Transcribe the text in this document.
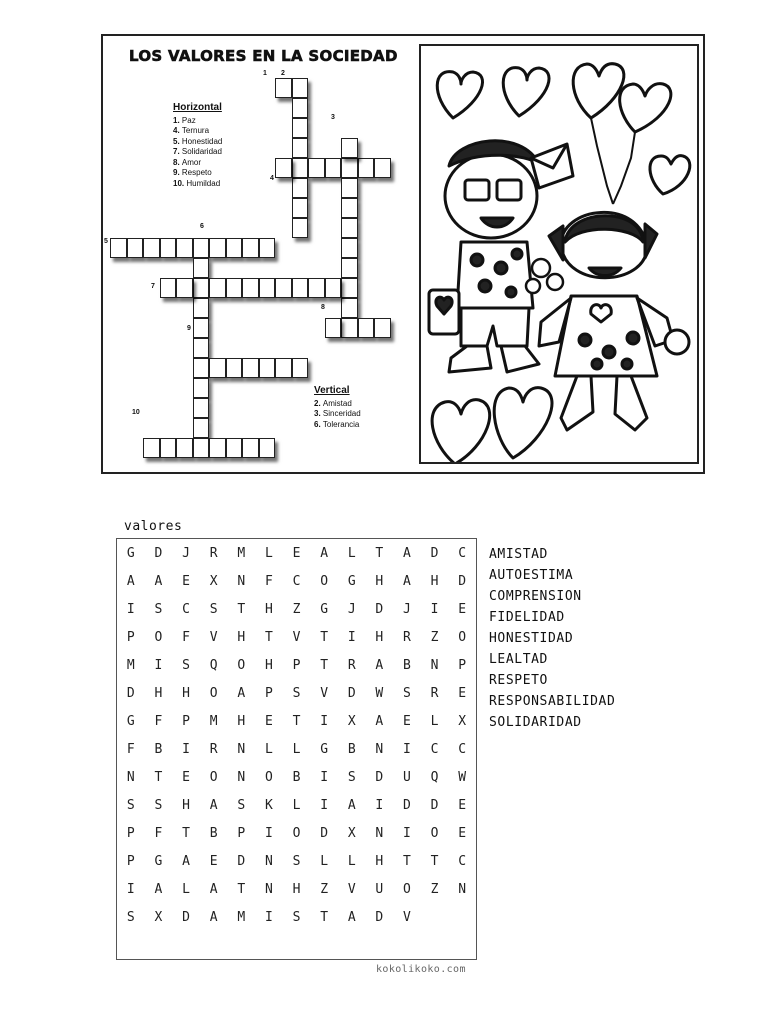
LOS VALORES EN LA SOCIEDAD
1 2
3
4
5
6
7
8
9
10
Horizontal
1. Paz
4. Ternura
5. Honestidad
7. Solidaridad
8. Amor
9. Respeto
10. Humildad
Vertical
2. Amistad
3. Sinceridad
6. Tolerancia
valores
G	D	J	R	M	L	E	A	L	T	A	D	C
A	A	E	X	N	F	C	O	G	H	A	H	D
I	S	C	S	T	H	Z	G	J	D	J	I	E
P	O	F	V	H	T	V	T	I	H	R	Z	O
M	I	S	Q	O	H	P	T	R	A	B	N	P
D	H	H	O	A	P	S	V	D	W	S	R	E
G	F	P	M	H	E	T	I	X	A	E	L	X
F	B	I	R	N	L	L	G	B	N	I	C	C
N	T	E	O	N	O	B	I	S	D	U	Q	W
S	S	H	A	S	K	L	I	A	I	D	D	E
P	F	T	B	P	I	O	D	X	N	I	O	E
P	G	A	E	D	N	S	L	L	H	T	T	C
I	A	L	A	T	N	H	Z	V	U	O	Z	N
S	X	D	A	M	I	S	T	A	D	V
AMISTAD
AUTOESTIMA
COMPRENSION
FIDELIDAD
HONESTIDAD
LEALTAD
RESPETO
RESPONSABILIDAD
SOLIDARIDAD
kokolikoko.com
